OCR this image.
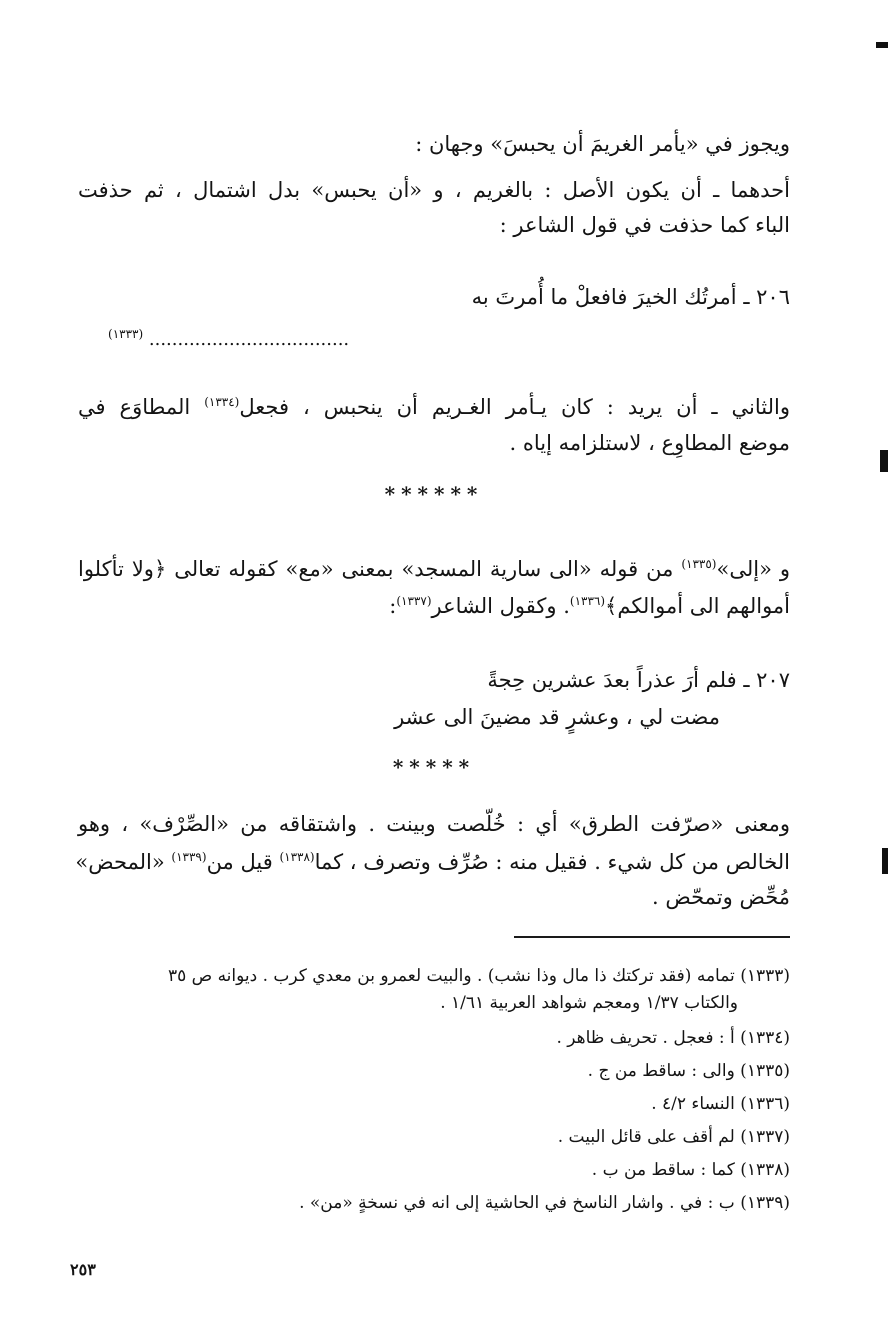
ويجوز في «يأمر الغريمَ أن يحبسَ» وجهان :
أحدهما ـ أن يكون الأصل : بالغريم ، و «أن يحبس» بدل اشتمال ، ثم حذفت
الباء كما حذفت في قول الشاعر :
٢٠٦ ـ أمرتُك الخيرَ فافعلْ ما أُمرتَ به
$^{(١٣٣٣)}$ ...................................
والثاني ـ أن يريد : كان يـأمر الغـريم أن ينحبس ، فجعل$^{(١٣٣٤)}$ المطاوَع في
موضع المطاوِع ، لاستلزامه إياه .
******
و «إلى»$^{(١٣٣٥)}$ من قوله «الى سارية المسجد» بمعنى «مع» كقوله تعالى ﴿ولا تأكلوا
أموالهم الى أموالكم﴾$^{(١٣٣٦)}$. وكقول الشاعر$^{(١٣٣٧)}$:
٢٠٧ ـ فلم أرَ عذراً بعدَ عشرين حِجةً
مضت لي ، وعشرٍ قد مضينَ الى عشر
*****
ومعنى «صرّفت الطرق» أي : خُلّصت وبينت . واشتقاقه من «الصِّرْف» ، وهو
الخالص من كل شيء . فقيل منه : صُرِّف وتصرف ، كما$^{(١٣٣٨)}$ قيل من$^{(١٣٣٩)}$ «المحض»
مُحِّض وتمحّض .
(١٣٣٣) تمامه (فقد تركتك ذا مال وذا نشب) . والبيت لعمرو بن معدي كرب . ديوانه ص ٣٥
والكتاب ١/٣٧ ومعجم شواهد العربية ١/٦١ .
(١٣٣٤) أ : فعجل . تحريف ظاهر .
(١٣٣٥) والى : ساقط من ج .
(١٣٣٦) النساء ٤/٢ .
(١٣٣٧) لم أقف على قائل البيت .
(١٣٣٨) كما : ساقط من ب .
(١٣٣٩) ب : في . واشار الناسخ في الحاشية إلى انه في نسخةٍ «من» .
٢٥٣
